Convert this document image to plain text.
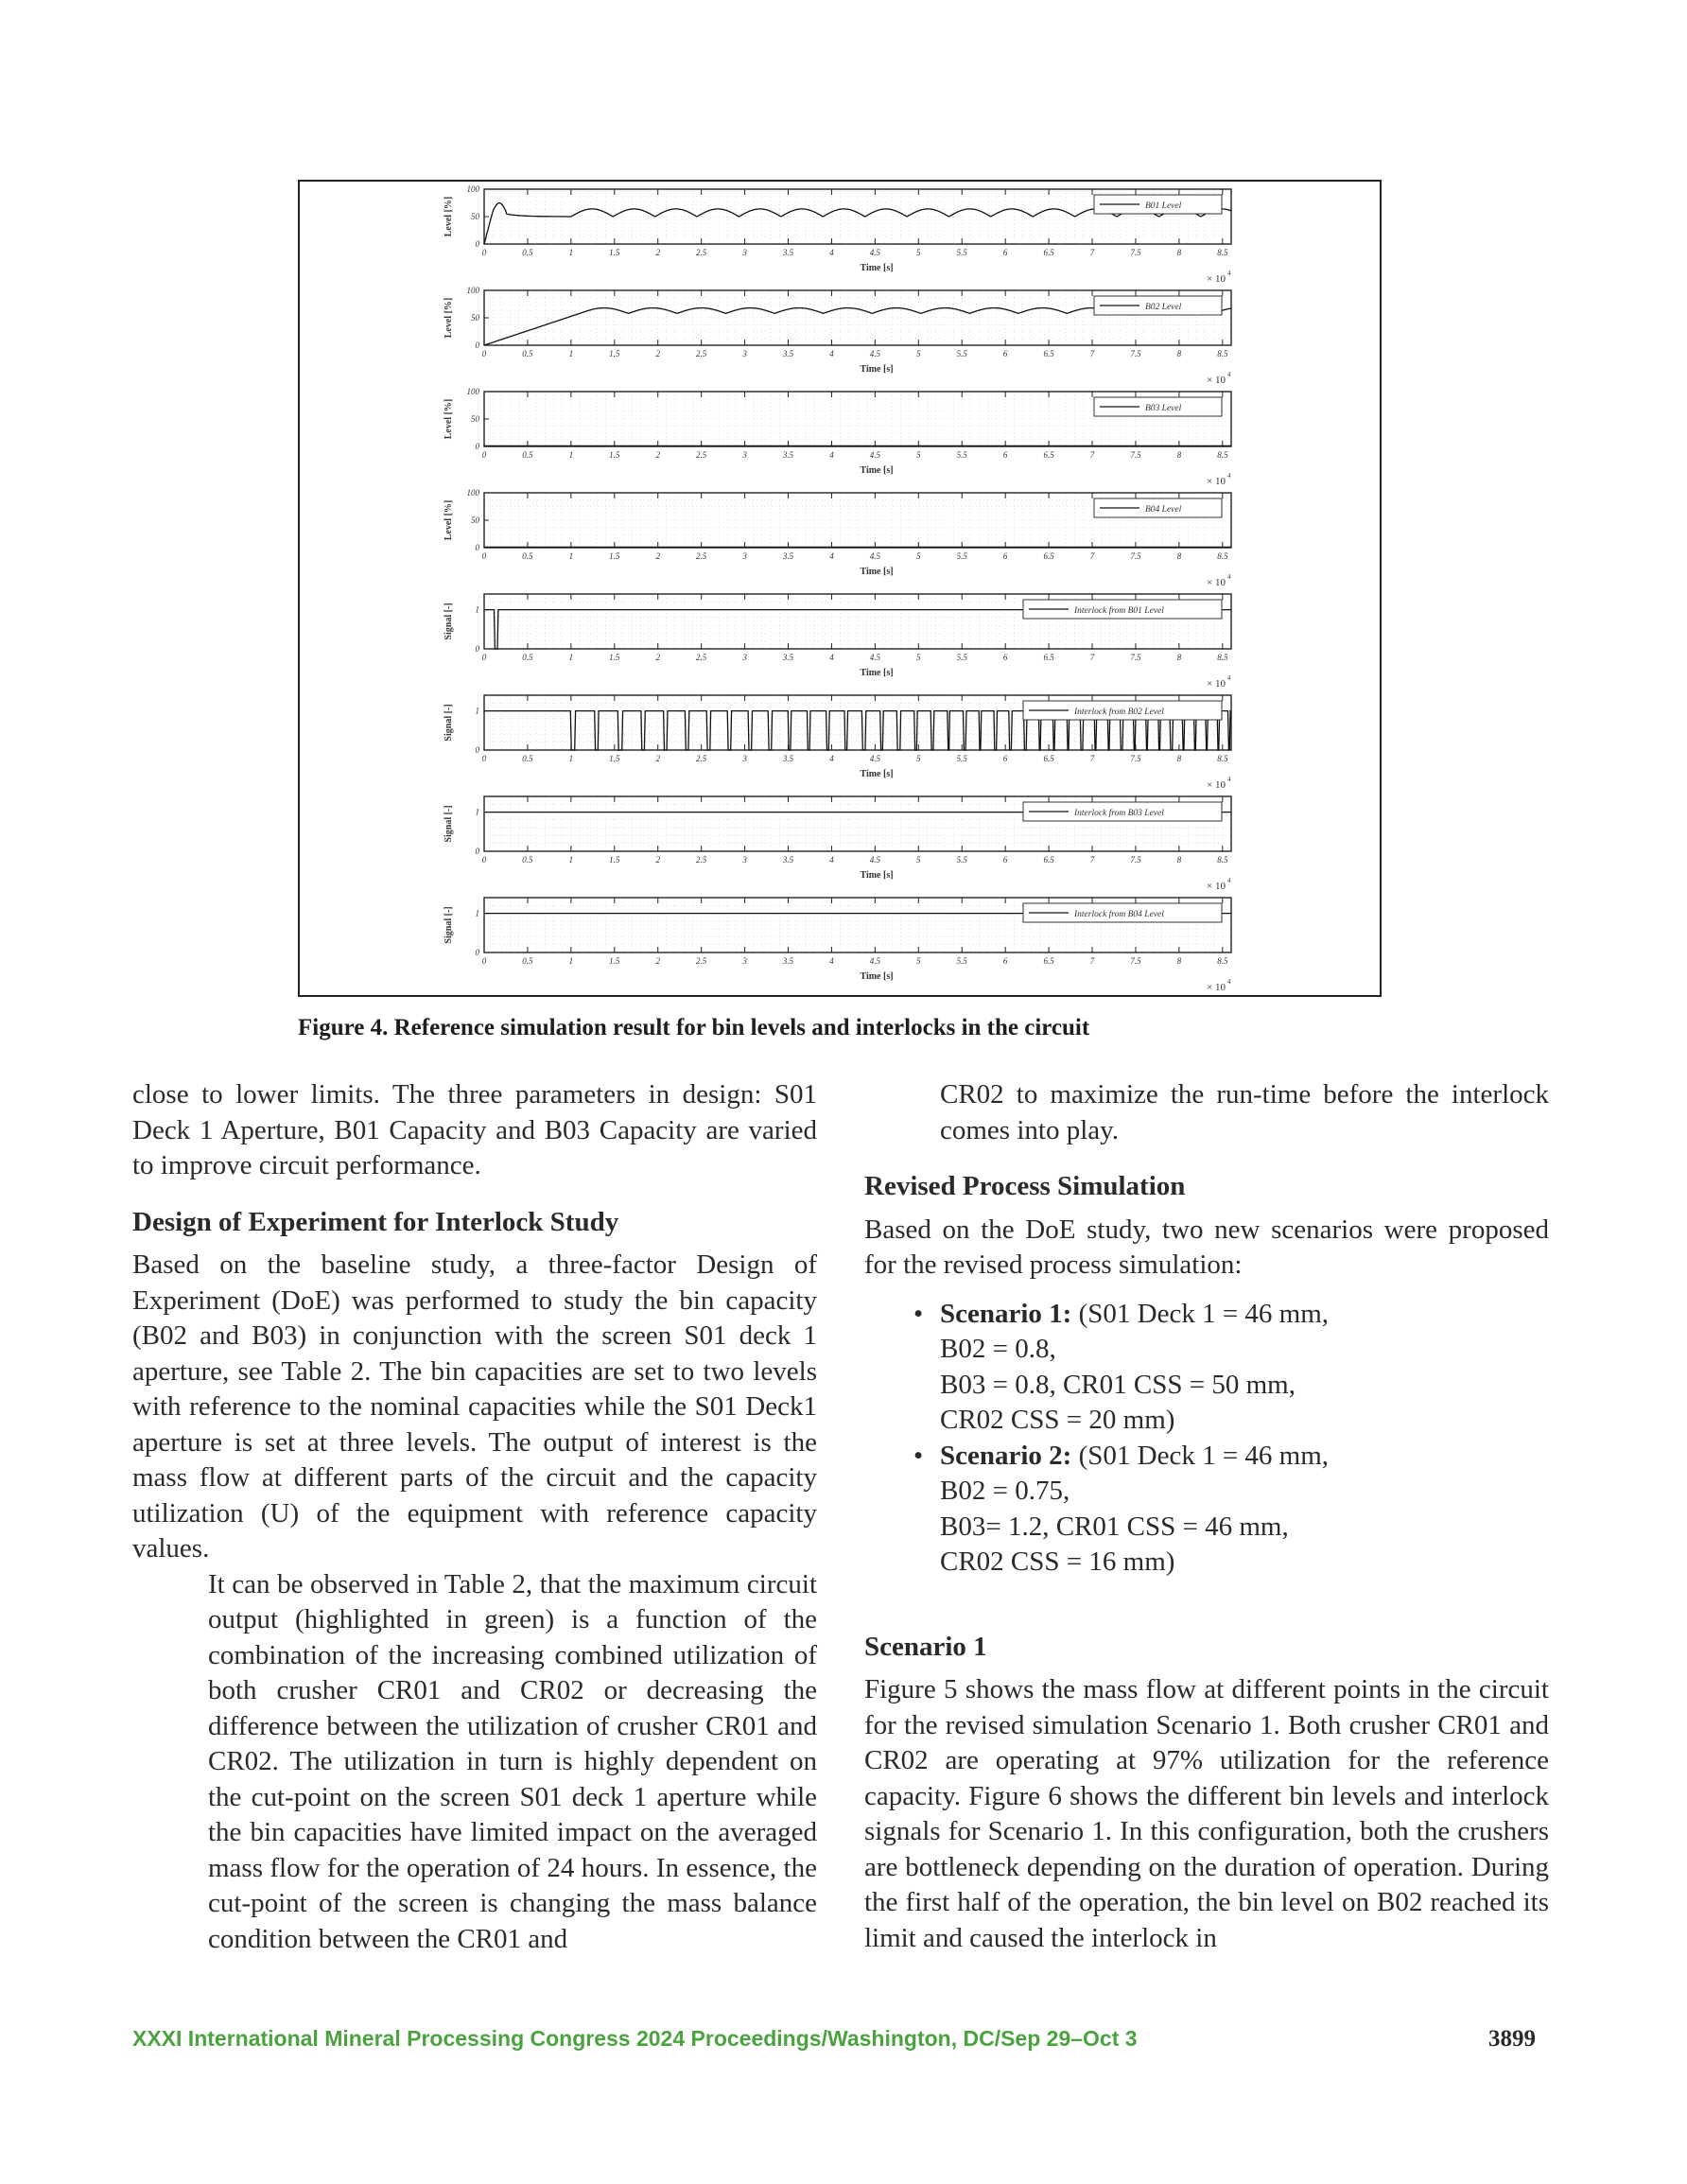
0	0.5	1	1.5	2	2.5	3	3.5	4	4.5	5	5.5	6	6.5	7	7.5	8	8.5
0
50
100
Level [%]
Time [s]
× 10 4
B01 Level
0	0.5	1	1.5	2	2.5	3	3.5	4	4.5	5	5.5	6	6.5	7	7.5	8	8.5
0
50
100
Level [%]
Time [s]
× 10 4
B02 Level
0	0.5	1	1.5	2	2.5	3	3.5	4	4.5	5	5.5	6	6.5	7	7.5	8	8.5
0
50
100
Level [%]
Time [s]
× 10 4
B03 Level
0	0.5	1	1.5	2	2.5	3	3.5	4	4.5	5	5.5	6	6.5	7	7.5	8	8.5
0
50
100
Level [%]
Time [s]
× 10 4
B04 Level
0	0.5	1	1.5	2	2.5	3	3.5	4	4.5	5	5.5	6	6.5	7	7.5	8	8.5
0
1
Signal [-]
Time [s]
× 10 4
Interlock from B01 Level
0	0.5	1	1.5	2	2.5	3	3.5	4	4.5	5	5.5	6	6.5	7	7.5	8	8.5
0
1
Signal [-]
Time [s]
× 10 4
Interlock from B02 Level
0	0.5	1	1.5	2	2.5	3	3.5	4	4.5	5	5.5	6	6.5	7	7.5	8	8.5
0
1
Signal [-]
Time [s]
× 10 4
Interlock from B03 Level
0	0.5	1	1.5	2	2.5	3	3.5	4	4.5	5	5.5	6	6.5	7	7.5	8	8.5
0
1
Signal [-]
Time [s]
× 10 4
Interlock from B04 Level
Figure 4. Reference simulation result for bin levels and interlocks in the circuit

close to lower limits. The three parameters in design: S01 Deck 1 Aperture, B01 Capacity and B03 Capacity are varied to improve circuit performance.

Design of Experiment for Interlock Study

Based on the baseline study, a three-factor Design of Experiment (DoE) was performed to study the bin capacity (B02 and B03) in conjunction with the screen S01 deck 1 aperture, see Table 2. The bin capacities are set to two levels with reference to the nominal capacities while the S01 Deck1 aperture is set at three levels. The output of interest is the mass flow at different parts of the circuit and the capacity utilization (U) of the equipment with reference capacity values.

It can be observed in Table 2, that the maximum circuit output (highlighted in green) is a function of the combination of the increasing combined utilization of both crusher CR01 and CR02 or decreasing the difference between the utilization of crusher CR01 and CR02. The utilization in turn is highly dependent on the cut-point on the screen S01 deck 1 aperture while the bin capacities have limited impact on the averaged mass flow for the operation of 24 hours. In essence, the cut-point of the screen is changing the mass balance condition between the CR01 and

CR02 to maximize the run-time before the interlock comes into play.

Revised Process Simulation

Based on the DoE study, two new scenarios were proposed for the revised process simulation:

• Scenario 1: (S01 Deck 1 = 46 mm,
B02 = 0.8,
B03 = 0.8, CR01 CSS = 50 mm,
CR02 CSS = 20 mm)
• Scenario 2: (S01 Deck 1 = 46 mm,
B02 = 0.75,
B03= 1.2, CR01 CSS = 46 mm,
CR02 CSS = 16 mm)

Scenario 1

Figure 5 shows the mass flow at different points in the circuit for the revised simulation Scenario 1. Both crusher CR01 and CR02 are operating at 97% utilization for the reference capacity. Figure 6 shows the different bin levels and interlock signals for Scenario 1. In this configuration, both the crushers are bottleneck depending on the duration of operation. During the first half of the operation, the bin level on B02 reached its limit and caused the interlock in

XXXI International Mineral Processing Congress 2024 Proceedings/Washington, DC/Sep 29–Oct 3	3899
